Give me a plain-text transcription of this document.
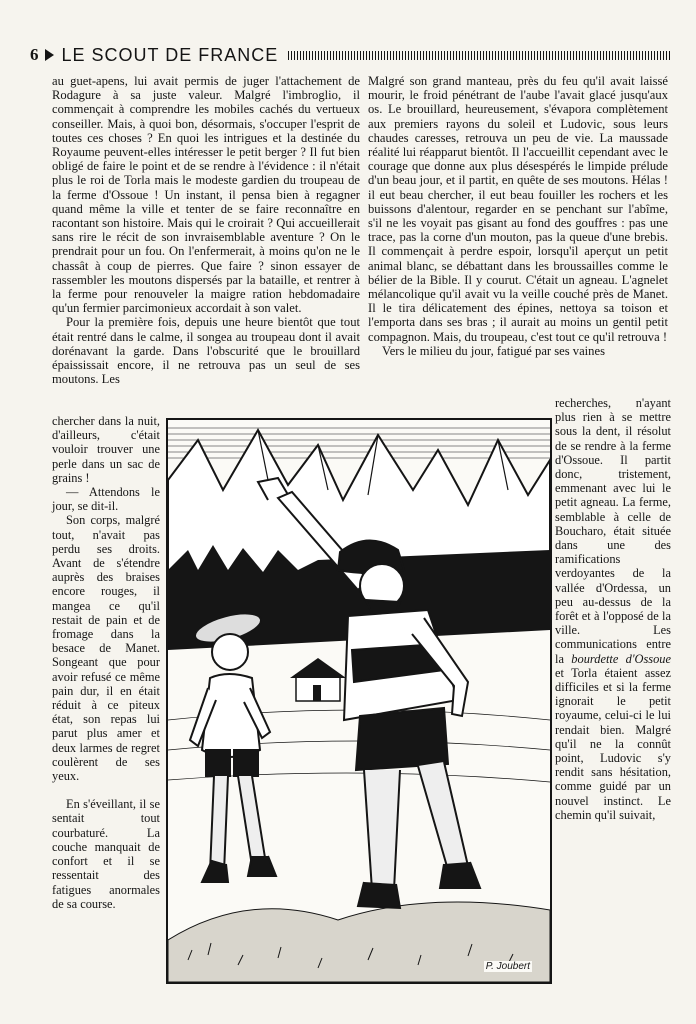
6 LE SCOUT DE FRANCE

au guet-apens, lui avait permis de juger l'attachement de Rodagure à sa juste valeur. Malgré l'imbroglio, il commençait à comprendre les mobiles cachés du vertueux conseiller. Mais, à quoi bon, désormais, s'occuper l'esprit de toutes ces choses ? En quoi les intrigues et la destinée du Royaume peuvent-elles intéresser le petit berger ? Il fut bien obligé de faire le point et de se rendre à l'évidence : il n'était plus le roi de Torla mais le modeste gardien du troupeau de la ferme d'Ossoue ! Un instant, il pensa bien à regagner quand même la ville et tenter de se faire reconnaître en racontant son histoire. Mais qui le croirait ? Qui accueillerait sans rire le récit de son invraisemblable aventure ? On le prendrait pour un fou. On l'enfermerait, à moins qu'on ne le chassât à coup de pierres. Que faire ? sinon essayer de rassembler les moutons dispersés par la bataille, et rentrer à la ferme pour renouveler la maigre ration hebdomadaire qu'un fermier parcimonieux accordait à son valet.

Pour la première fois, depuis une heure bientôt que tout était rentré dans le calme, il songea au troupeau dont il avait dorénavant la garde. Dans l'obscurité que le brouillard épaississait encore, il ne retrouva pas un seul de ses moutons. Les

Malgré son grand manteau, près du feu qu'il avait laissé mourir, le froid pénétrant de l'aube l'avait glacé jusqu'aux os. Le brouillard, heureusement, s'évapora complètement aux premiers rayons du soleil et Ludovic, sous leurs chaudes caresses, retrouva un peu de vie. La maussade réalité lui réapparut bientôt. Il l'accueillit cependant avec le courage que donne aux plus désespérés le limpide prélude d'un beau jour, et il partit, en quête de ses moutons. Hélas ! il eut beau chercher, il eut beau fouiller les rochers et les buissons d'alentour, regarder en se penchant sur l'abîme, s'il ne les voyait pas gisant au fond des gouffres : pas une trace, pas la corne d'un mouton, pas la queue d'une brebis. Il commençait à perdre espoir, lorsqu'il aperçut un petit animal blanc, se débattant dans les broussailles comme le bélier de la Bible. Il y courut. C'était un agneau. L'agnelet mélancolique qu'il avait vu la veille couché près de Manet. Il le tira délicatement des épines, nettoya sa toison et l'emporta dans ses bras ; il aurait au moins un gentil petit compagnon. Mais, du troupeau, c'est tout ce qu'il retrouva !

Vers le milieu du jour, fatigué par ses vaines

chercher dans la nuit, d'ailleurs, c'était vouloir trouver une perle dans un sac de grains !

— Attendons le jour, se dit-il.

Son corps, malgré tout, n'avait pas perdu ses droits. Avant de s'étendre auprès des braises encore rouges, il mangea ce qu'il restait de pain et de fromage dans la besace de Manet. Songeant que pour avoir refusé ce même pain dur, il en était réduit à ce piteux état, son repas lui parut plus amer et deux larmes de regret coulèrent de ses yeux.

En s'éveillant, il se sentait tout courbaturé. La couche manquait de confort et il se ressentait des fatigues anormales de sa course.

recherches, n'ayant plus rien à se mettre sous la dent, il résolut de se rendre à la ferme d'Ossoue. Il partit donc, tristement, emmenant avec lui le petit agneau. La ferme, semblable à celle de Boucharo, était située dans une des ramifications verdoyantes de la vallée d'Ordessa, un peu au-dessus de la forêt et à l'opposé de la ville. Les communications entre la bourdette d'Ossoue et Torla étaient assez difficiles et si la ferme ignorait le petit royaume, celui-ci le lui rendait bien. Malgré qu'il ne la connût point, Ludovic s'y rendit sans hésitation, comme guidé par un nouvel instinct. Le chemin qu'il suivait,

P. Joubert
